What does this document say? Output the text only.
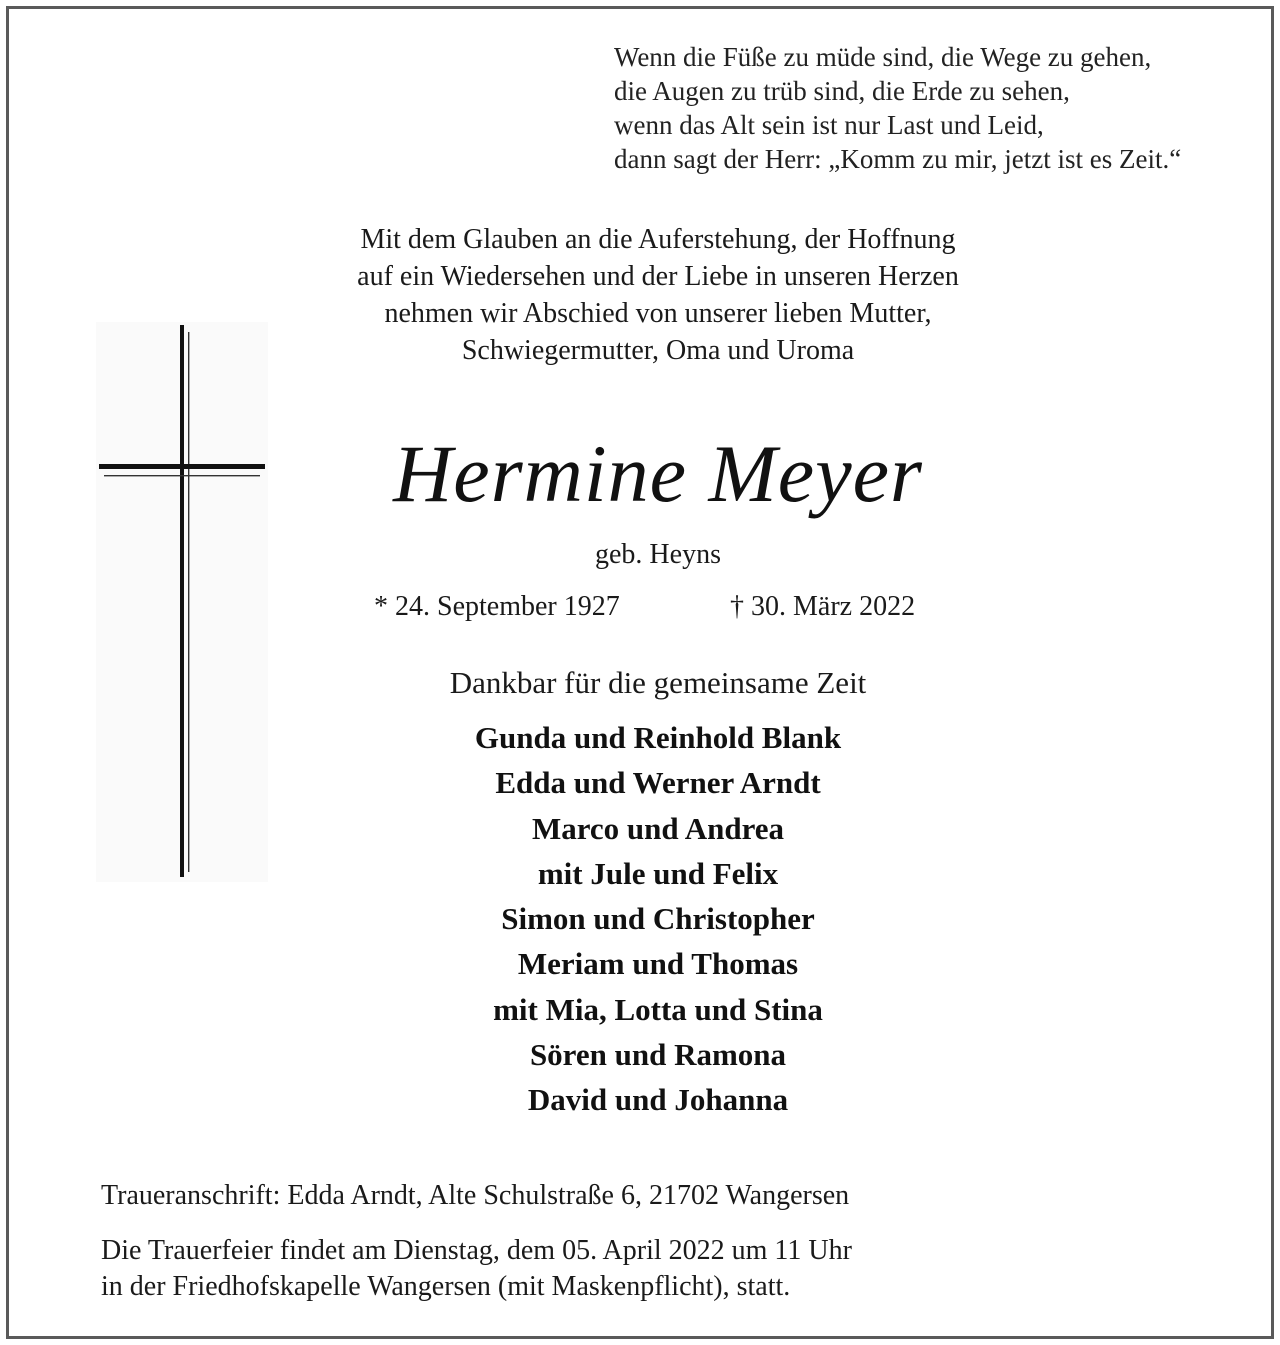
Wenn die Füße zu müde sind, die Wege zu gehen,
die Augen zu trüb sind, die Erde zu sehen,
wenn das Alt sein ist nur Last und Leid,
dann sagt der Herr: „Komm zu mir, jetzt ist es Zeit.“
Mit dem Glauben an die Auferstehung, der Hoffnung
auf ein Wiedersehen und der Liebe in unseren Herzen
nehmen wir Abschied von unserer lieben Mutter,
Schwiegermutter, Oma und Uroma
Hermine Meyer
geb. Heyns
* 24. September 1927	† 30. März 2022
Dankbar für die gemeinsame Zeit
Gunda und Reinhold Blank
Edda und Werner Arndt
Marco und Andrea
mit Jule und Felix
Simon und Christopher
Meriam und Thomas
mit Mia, Lotta und Stina
Sören und Ramona
David und Johanna
Traueranschrift: Edda Arndt, Alte Schulstraße 6, 21702 Wangersen
Die Trauerfeier findet am Dienstag, dem 05. April 2022 um 11 Uhr
in der Friedhofskapelle Wangersen (mit Maskenpflicht), statt.
